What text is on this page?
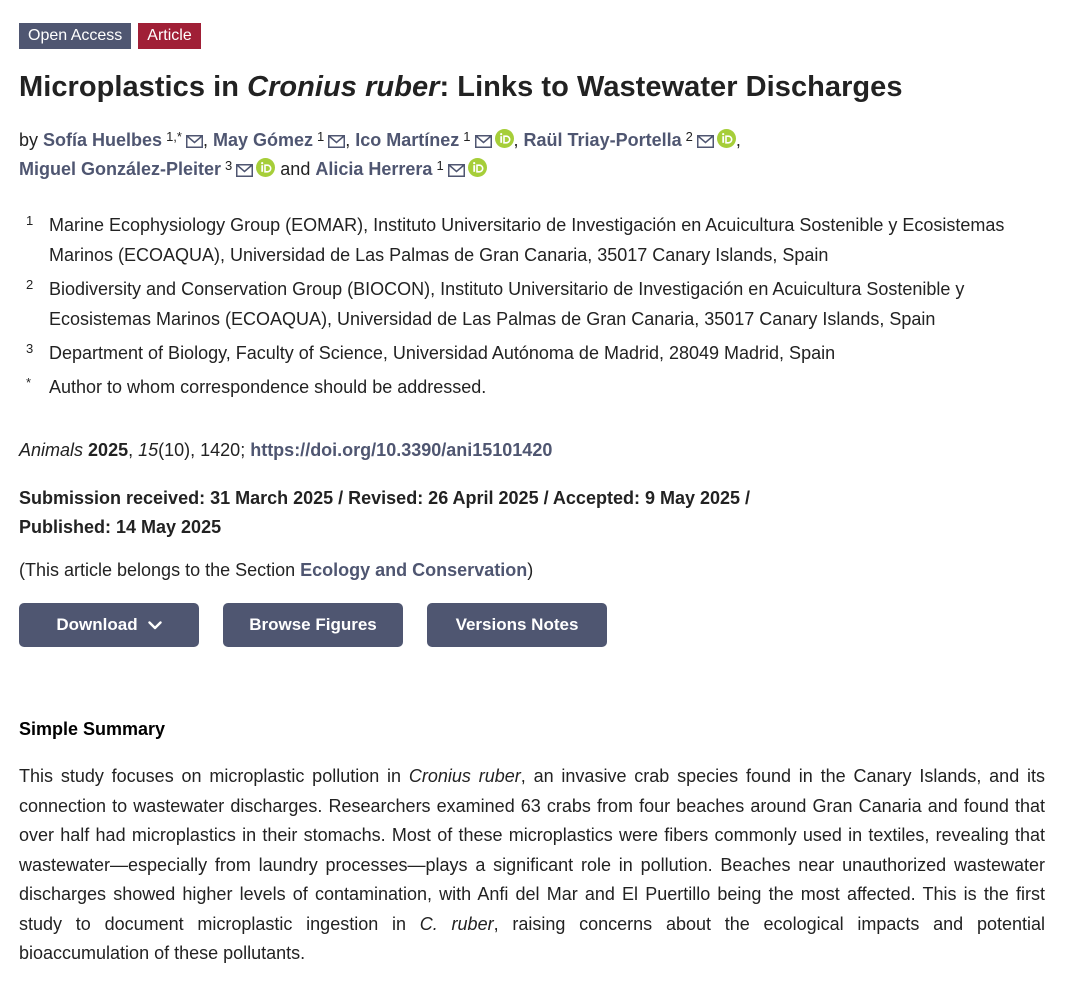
Open Access	Article
Microplastics in Cronius ruber: Links to Wastewater Discharges
by Sofía Huelbes $^{1,*}$ , May Gómez $^1$ , Ico Martínez $^1$ , Raül Triay-Portella $^2$ ,
Miguel González-Pleiter $^3$	and Alicia Herrera $^1$
1 Marine Ecophysiology Group (EOMAR), Instituto Universitario de Investigación en Acuicultura Sostenible y Ecosistemas Marinos (ECOAQUA), Universidad de Las Palmas de Gran Canaria, 35017 Canary Islands, Spain
2 Biodiversity and Conservation Group (BIOCON), Instituto Universitario de Investigación en Acuicultura Sostenible y Ecosistemas Marinos (ECOAQUA), Universidad de Las Palmas de Gran Canaria, 35017 Canary Islands, Spain
3 Department of Biology, Faculty of Science, Universidad Autónoma de Madrid, 28049 Madrid, Spain
* Author to whom correspondence should be addressed.
Animals 2025, 15(10), 1420; https://doi.org/10.3390/ani15101420
Submission received: 31 March 2025 / Revised: 26 April 2025 / Accepted: 9 May 2025 /
Published: 14 May 2025
(This article belongs to the Section Ecology and Conservation)
Download	Browse Figures	Versions Notes
Simple Summary
This study focuses on microplastic pollution in Cronius ruber, an invasive crab species found in the Canary Islands, and its connection to wastewater discharges. Researchers examined 63 crabs from four beaches around Gran Canaria and found that over half had microplastics in their stomachs. Most of these microplastics were fibers commonly used in textiles, revealing that wastewater—especially from laundry processes—plays a significant role in pollution. Beaches near unauthorized wastewater discharges showed higher levels of contamination, with Anfi del Mar and El Puertillo being the most affected. This is the first study to document microplastic ingestion in C. ruber, raising concerns about the ecological impacts and potential bioaccumulation of these pollutants.
